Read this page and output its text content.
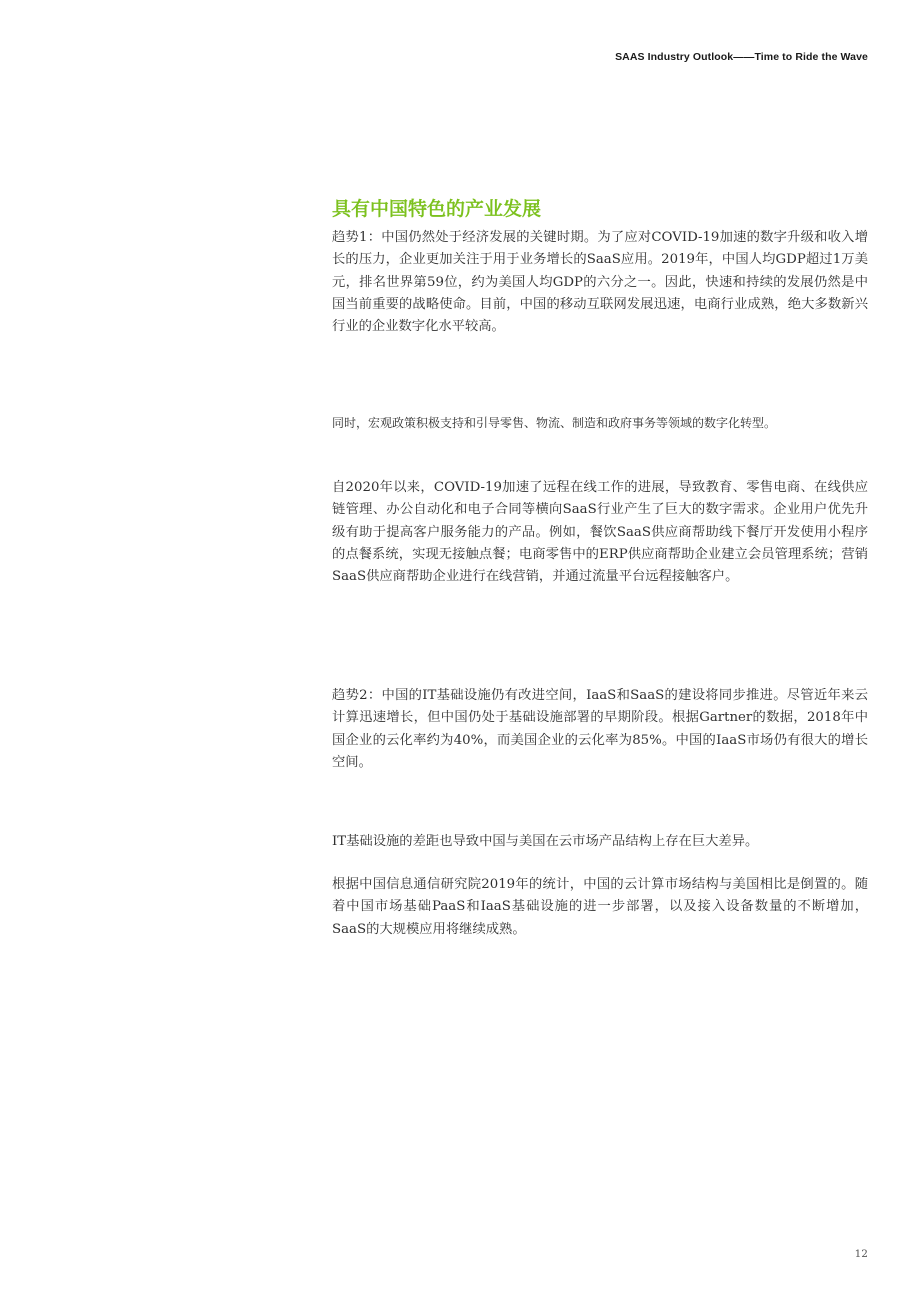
SAAS Industry Outlook——Time to Ride the Wave
具有中国特色的产业发展

趋势1：中国仍然处于经济发展的关键时期。为了应对COVID-19加速的数字升级和收入增长的压力，企业更加关注于用于业务增长的SaaS应用。2019年，中国人均GDP超过1万美元，排名世界第59位，约为美国人均GDP的六分之一。因此，快速和持续的发展仍然是中国当前重要的战略使命。目前，中国的移动互联网发展迅速，电商行业成熟，绝大多数新兴行业的企业数字化水平较高。

同时，宏观政策积极支持和引导零售、物流、制造和政府事务等领域的数字化转型。

自2020年以来，COVID-19加速了远程在线工作的进展，导致教育、零售电商、在线供应链管理、办公自动化和电子合同等横向SaaS行业产生了巨大的数字需求。企业用户优先升级有助于提高客户服务能力的产品。例如，餐饮SaaS供应商帮助线下餐厅开发使用小程序的点餐系统，实现无接触点餐；电商零售中的ERP供应商帮助企业建立会员管理系统；营销SaaS供应商帮助企业进行在线营销，并通过流量平台远程接触客户。

趋势2：中国的IT基础设施仍有改进空间，IaaS和SaaS的建设将同步推进。尽管近年来云计算迅速增长，但中国仍处于基础设施部署的早期阶段。根据Gartner的数据，2018年中国企业的云化率约为40%，而美国企业的云化率为85%。中国的IaaS市场仍有很大的增长空间。

IT基础设施的差距也导致中国与美国在云市场产品结构上存在巨大差异。

根据中国信息通信研究院2019年的统计，中国的云计算市场结构与美国相比是倒置的。随着中国市场基础PaaS和IaaS基础设施的进一步部署，以及接入设备数量的不断增加，SaaS的大规模应用将继续成熟。

12
